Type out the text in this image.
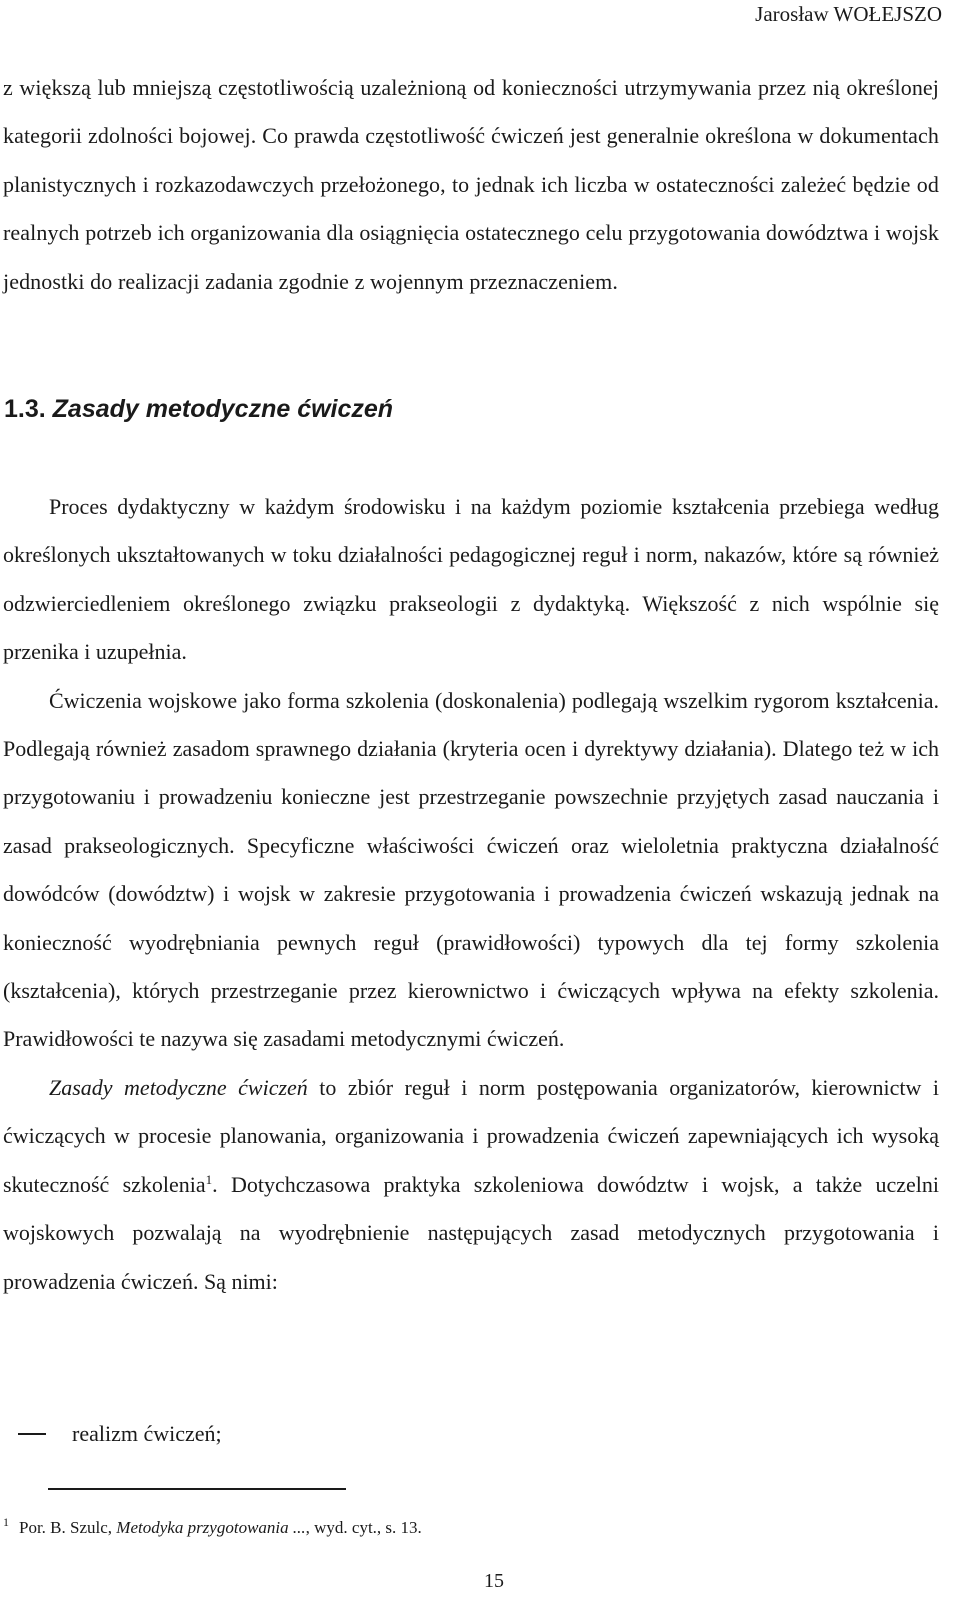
Jarosław WOŁEJSZO

z większą lub mniejszą częstotliwością uzależnioną od konieczności utrzymywania przez nią określonej kategorii zdolności bojowej. Co prawda częstotliwość ćwiczeń jest generalnie określona w dokumentach planistycznych i rozkazodawczych przełożonego, to jednak ich liczba w ostateczności zależeć będzie od realnych potrzeb ich organizowania dla osiągnięcia ostatecznego celu przygotowania dowództwa i wojsk jednostki do realizacji zadania zgodnie z wojennym przeznaczeniem.

1.3. Zasady metodyczne ćwiczeń

Proces dydaktyczny w każdym środowisku i na każdym poziomie kształcenia przebiega według określonych ukształtowanych w toku działalności pedagogicznej reguł i norm, nakazów, które są również odzwierciedleniem określonego związku prakseologii z dydaktyką. Większość z nich wspólnie się przenika i uzupełnia.

Ćwiczenia wojskowe jako forma szkolenia (doskonalenia) podlegają wszelkim rygorom kształcenia. Podlegają również zasadom sprawnego działania (kryteria ocen i dyrektywy działania). Dlatego też w ich przygotowaniu i prowadzeniu konieczne jest przestrzeganie powszechnie przyjętych zasad nauczania i zasad prakseologicznych. Specyficzne właściwości ćwiczeń oraz wieloletnia praktyczna działalność dowódców (dowództw) i wojsk w zakresie przygotowania i prowadzenia ćwiczeń wskazują jednak na konieczność wyodrębniania pewnych reguł (prawidłowości) typowych dla tej formy szkolenia (kształcenia), których przestrzeganie przez kierownictwo i ćwiczących wpływa na efekty szkolenia. Prawidłowości te nazywa się zasadami metodycznymi ćwiczeń.

Zasady metodyczne ćwiczeń to zbiór reguł i norm postępowania organizatorów, kierownictw i ćwiczących w procesie planowania, organizowania i prowadzenia ćwiczeń zapewniających ich wysoką skuteczność szkolenia$^1$. Dotychczasowa praktyka szkoleniowa dowództw i wojsk, a także uczelni wojskowych pozwalają na wyodrębnienie następujących zasad metodycznych przygotowania i prowadzenia ćwiczeń. Są nimi:

realizm ćwiczeń;
$^1$ Por. B. Szulc, Metodyka przygotowania ..., wyd. cyt., s. 13.
15
